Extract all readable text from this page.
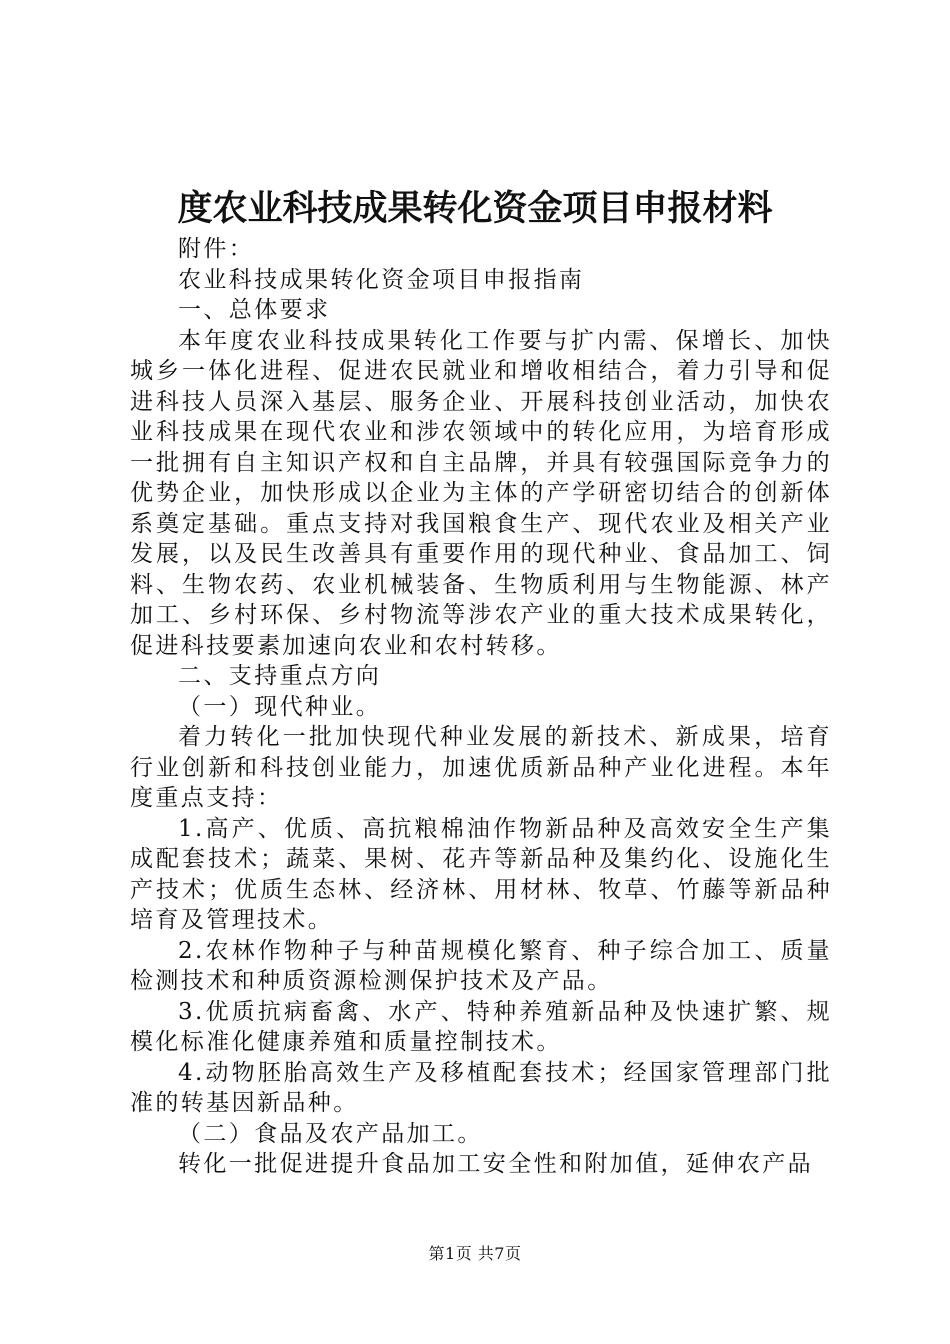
度农业科技成果转化资金项目申报材料

附件：

农业科技成果转化资金项目申报指南

一、总体要求

本年度农业科技成果转化工作要与扩内需、保增长、加快城乡一体化进程、促进农民就业和增收相结合，着力引导和促进科技人员深入基层、服务企业、开展科技创业活动，加快农业科技成果在现代农业和涉农领域中的转化应用，为培育形成一批拥有自主知识产权和自主品牌，并具有较强国际竞争力的优势企业，加快形成以企业为主体的产学研密切结合的创新体系奠定基础。重点支持对我国粮食生产、现代农业及相关产业发展，以及民生改善具有重要作用的现代种业、食品加工、饲料、生物农药、农业机械装备、生物质利用与生物能源、林产加工、乡村环保、乡村物流等涉农产业的重大技术成果转化，促进科技要素加速向农业和农村转移。

二、支持重点方向

（一）现代种业。

着力转化一批加快现代种业发展的新技术、新成果，培育行业创新和科技创业能力，加速优质新品种产业化进程。本年度重点支持：

1.高产、优质、高抗粮棉油作物新品种及高效安全生产集成配套技术；蔬菜、果树、花卉等新品种及集约化、设施化生产技术；优质生态林、经济林、用材林、牧草、竹藤等新品种培育及管理技术。

2.农林作物种子与种苗规模化繁育、种子综合加工、质量检测技术和种质资源检测保护技术及产品。

3.优质抗病畜禽、水产、特种养殖新品种及快速扩繁、规模化标准化健康养殖和质量控制技术。

4.动物胚胎高效生产及移植配套技术；经国家管理部门批准的转基因新品种。

（二）食品及农产品加工。

转化一批促进提升食品加工安全性和附加值，延伸农产品

第1页 共7页
